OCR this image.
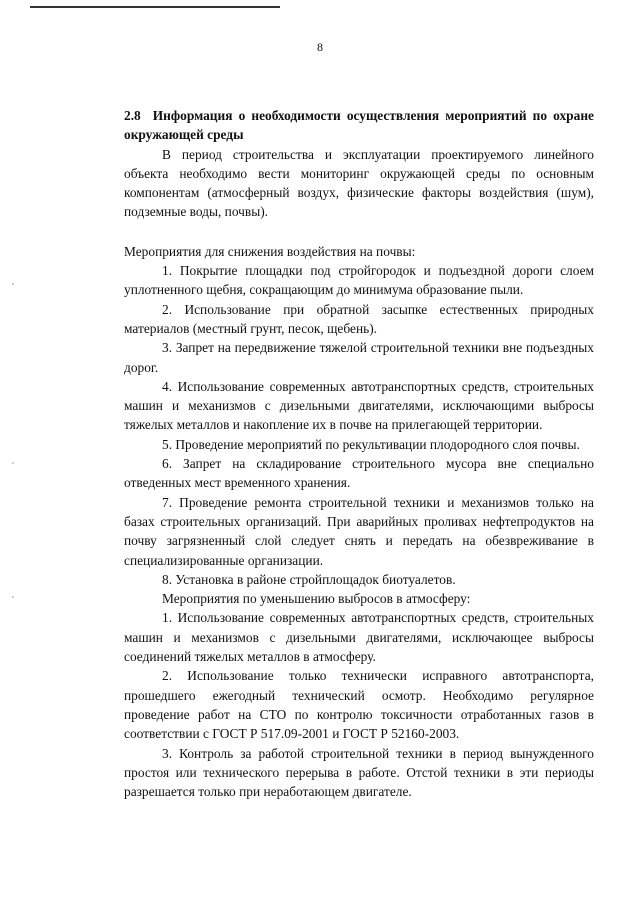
8

2.8 Информация о необходимости осуществления мероприятий по охране окружающей среды

В период строительства и эксплуатации проектируемого линейного объекта необходимо вести мониторинг окружающей среды по основным компонентам (атмосферный воздух, физические факторы воздействия (шум), подземные воды, почвы).

Мероприятия для снижения воздействия на почвы:

1. Покрытие площадки под стройгородок и подъездной дороги слоем уплотненного щебня, сокращающим до минимума образование пыли.

2. Использование при обратной засыпке естественных природных материалов (местный грунт, песок, щебень).

3. Запрет на передвижение тяжелой строительной техники вне подъездных дорог.

4. Использование современных автотранспортных средств, строительных машин и механизмов с дизельными двигателями, исключающими выбросы тяжелых металлов и накопление их в почве на прилегающей территории.

5. Проведение мероприятий по рекультивации плодородного слоя почвы.

6. Запрет на складирование строительного мусора вне специально отведенных мест временного хранения.

7. Проведение ремонта строительной техники и механизмов только на базах строительных организаций. При аварийных проливах нефтепродуктов на почву загрязненный слой следует снять и передать на обезвреживание в специализированные организации.

8. Установка в районе стройплощадок биотуалетов.

Мероприятия по уменьшению выбросов в атмосферу:

1. Использование современных автотранспортных средств, строительных машин и механизмов с дизельными двигателями, исключающее выбросы соединений тяжелых металлов в атмосферу.

2. Использование только технически исправного автотранспорта, прошедшего ежегодный технический осмотр. Необходимо регулярное проведение работ на СТО по контролю токсичности отработанных газов в соответствии с ГОСТ Р 517.09-2001 и ГОСТ Р 52160-2003.

3. Контроль за работой строительной техники в период вынужденного простоя или технического перерыва в работе. Отстой техники в эти периоды разрешается только при неработающем двигателе.
